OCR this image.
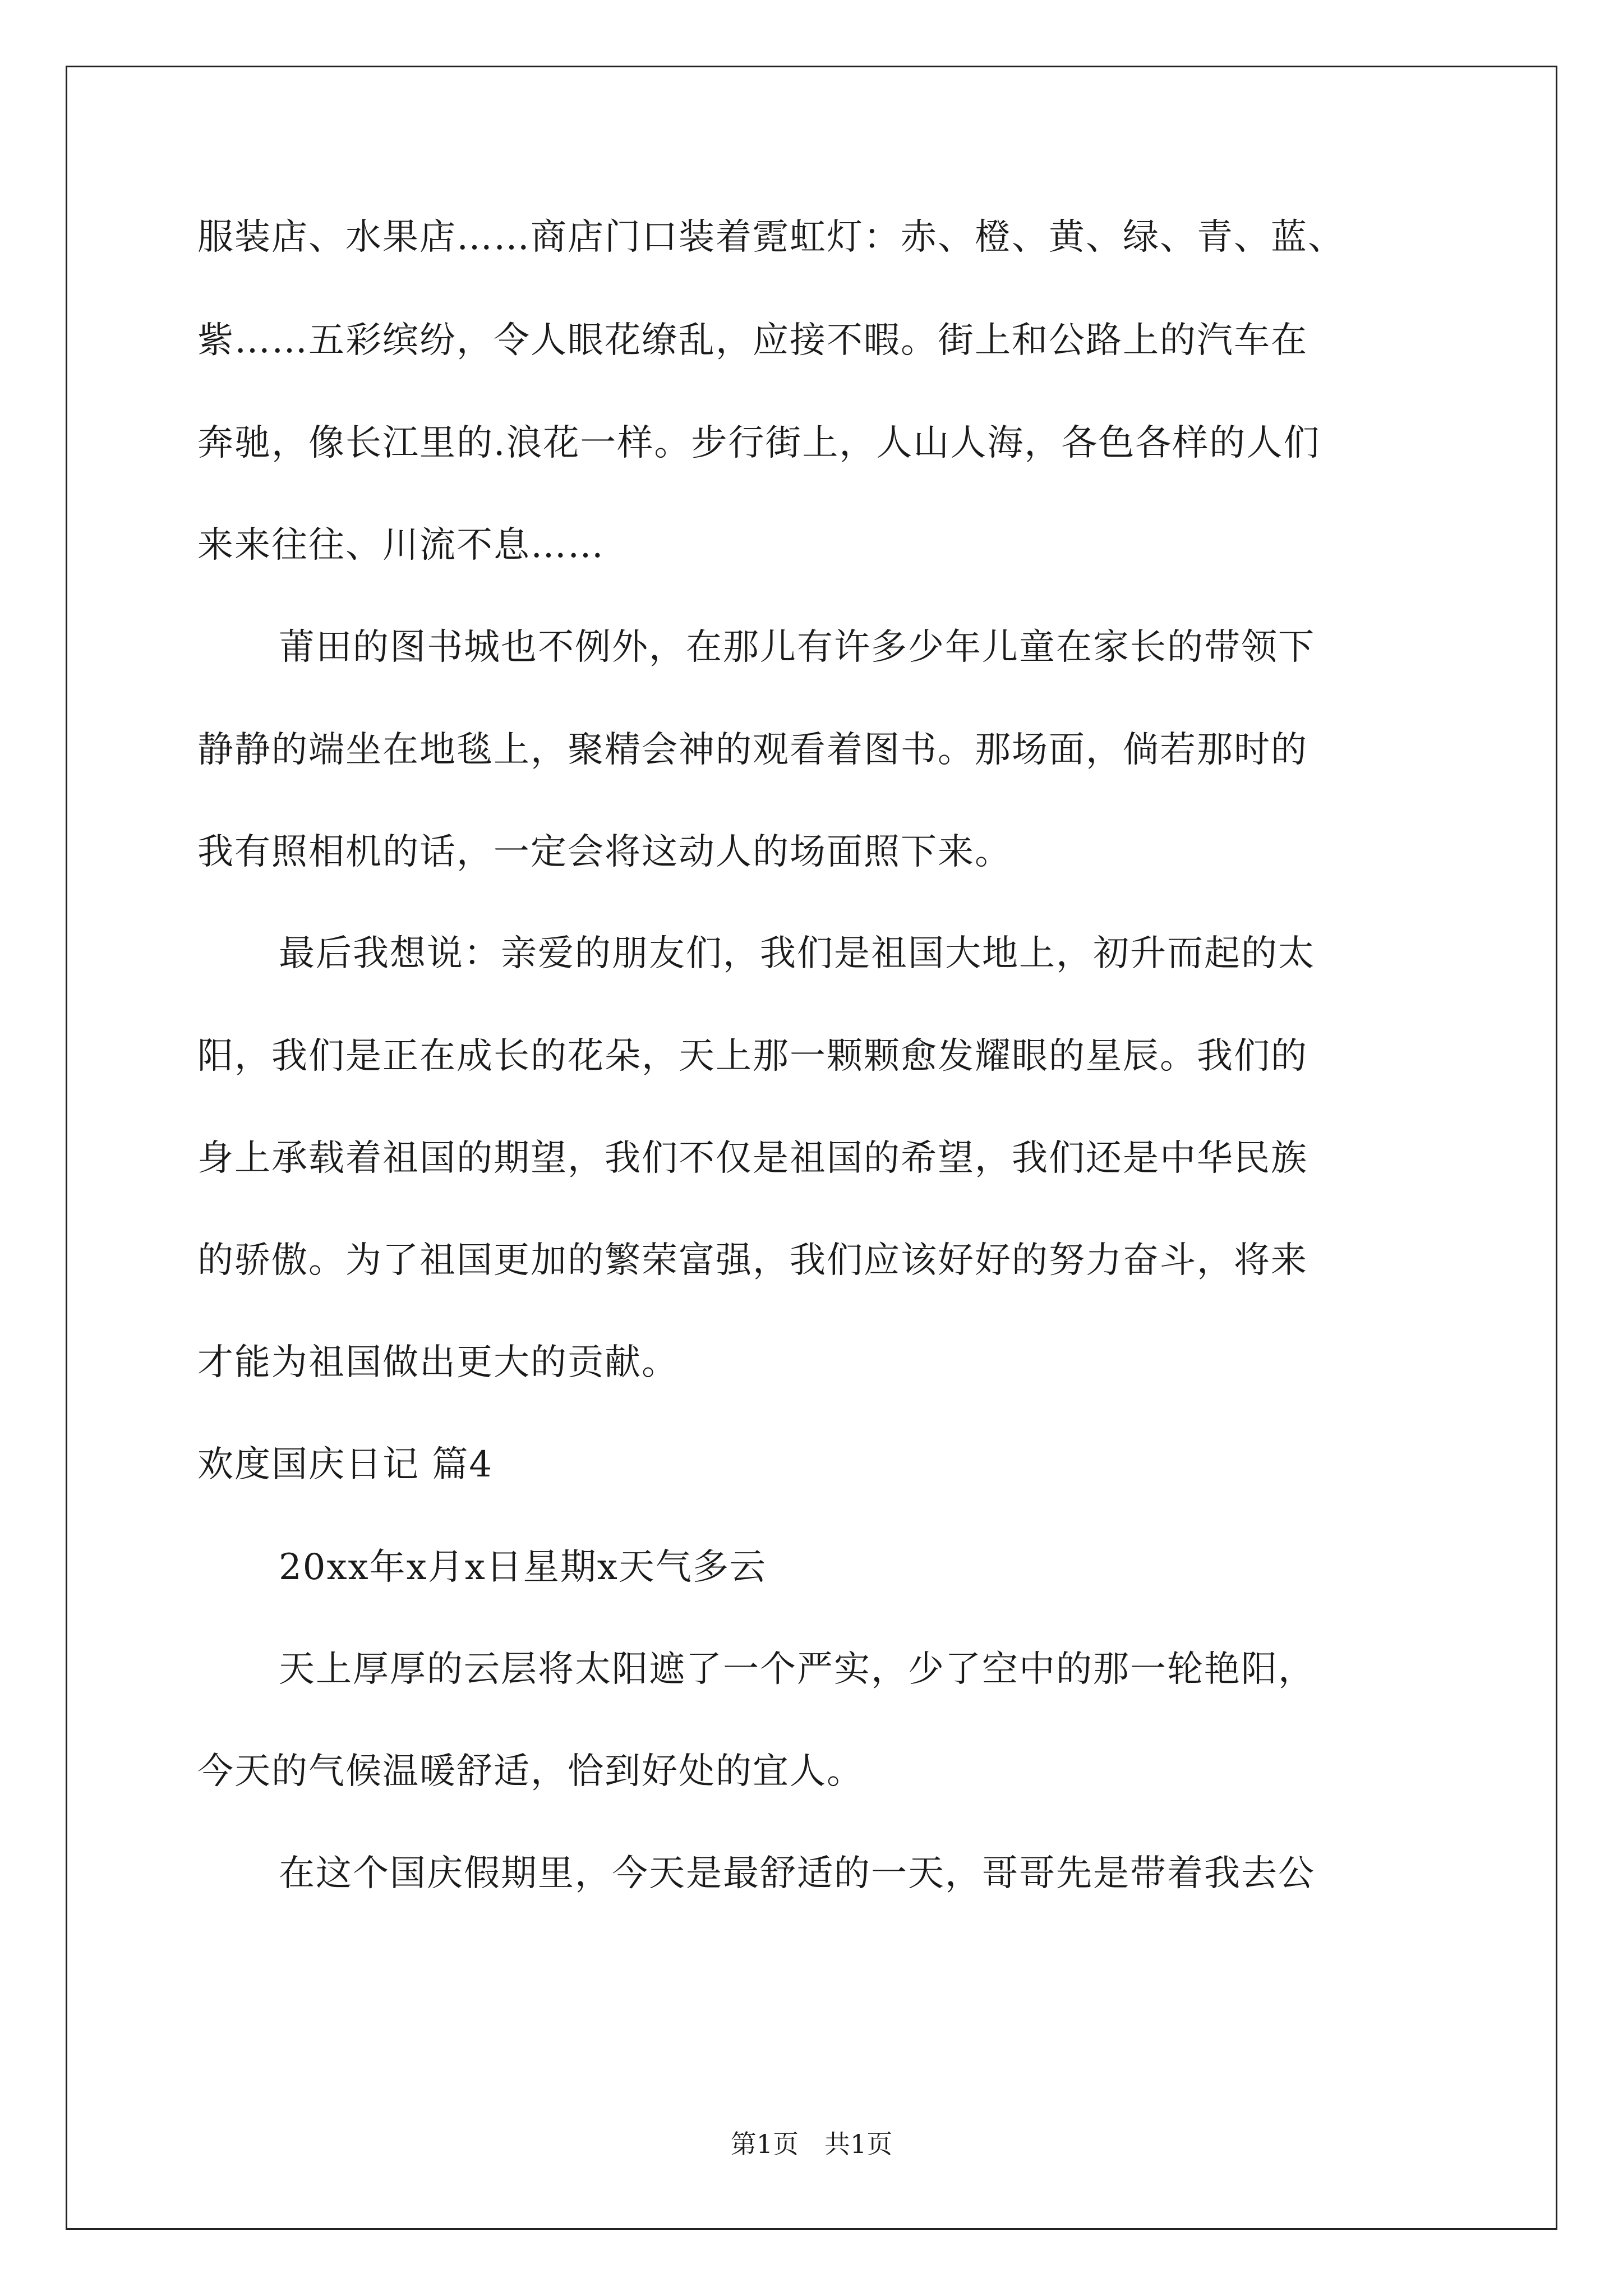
服装店、水果店……商店门口装着霓虹灯：赤、橙、黄、绿、青、蓝、
紫……五彩缤纷，令人眼花缭乱，应接不暇。街上和公路上的汽车在
奔驰，像长江里的.浪花一样。步行街上，人山人海，各色各样的人们
来来往往、川流不息……
莆田的图书城也不例外，在那儿有许多少年儿童在家长的带领下
静静的端坐在地毯上，聚精会神的观看着图书。那场面，倘若那时的
我有照相机的话，一定会将这动人的场面照下来。
最后我想说：亲爱的朋友们，我们是祖国大地上，初升而起的太
阳，我们是正在成长的花朵，天上那一颗颗愈发耀眼的星辰。我们的
身上承载着祖国的期望，我们不仅是祖国的希望，我们还是中华民族
的骄傲。为了祖国更加的繁荣富强，我们应该好好的努力奋斗，将来
才能为祖国做出更大的贡献。
欢度国庆日记 篇4
20xx年x月x日星期x天气多云
天上厚厚的云层将太阳遮了一个严实，少了空中的那一轮艳阳，
今天的气候温暖舒适，恰到好处的宜人。
在这个国庆假期里，今天是最舒适的一天，哥哥先是带着我去公
第1页　共1页
